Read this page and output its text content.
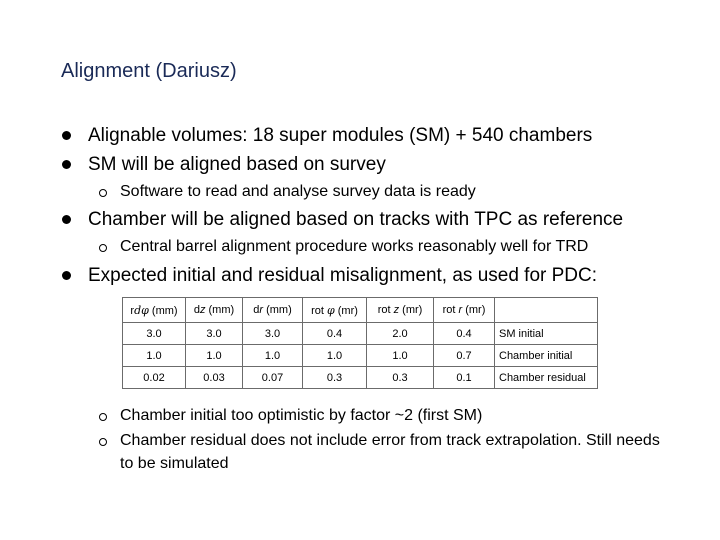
Alignment (Dariusz)
Alignable volumes: 18 super modules (SM) + 540 chambers
SM will be aligned based on survey
Software to read and analyse survey data is ready
Chamber will be aligned based on tracks with TPC as reference
Central barrel alignment procedure works reasonably well for TRD
Expected initial and residual misalignment, as used for PDC:
rdφ (mm)	dz (mm)	dr (mm)	rot φ (mr)	rot z (mr)	rot r (mr)	
3.0	3.0	3.0	0.4	2.0	0.4	SM initial
1.0	1.0	1.0	1.0	1.0	0.7	Chamber initial
0.02	0.03	0.07	0.3	0.3	0.1	Chamber residual
Chamber initial too optimistic by factor ~2 (first SM)
Chamber residual does not include error from track extrapolation. Still needs to be simulated
